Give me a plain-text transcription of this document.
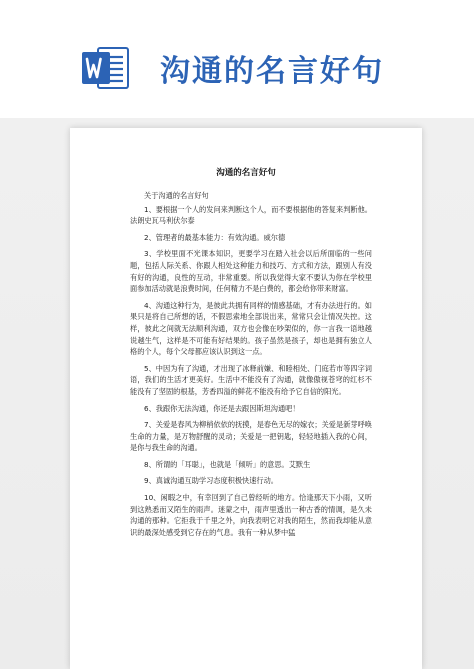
沟通的名言好句
沟通的名言好句

关于沟通的名言好句

1、要根据一个人的发问来判断这个人，而不要根据他的答复来判断他。法朗史瓦马利伏尔泰

2、管理者的最基本能力：有效沟通。威尔德

3、学校里面不光课本知识，更要学习在踏入社会以后所面临的一些问题，包括人际关系、你跟人相处这种能力和技巧、方式和方法，跟别人有没有好的沟通，良性的互动，非常重要。所以我觉得大家不要认为你在学校里面参加活动就是浪费时间，任何精力不是白费的，都会给你带来财富。

4、沟通这种行为，是彼此共拥有同样的情感基础，才有办法进行的。如果只是将自己所想的话，不假思索地全部说出来，常常只会让情况失控。这样，彼此之间就无法顺利沟通，双方也会像在吵架似的，你一言我一语地越说越生气，这样是不可能有好结果的。孩子虽然是孩子，却也是拥有独立人格的个人，每个父母都应该认识到这一点。

5、中因为有了沟通，才出现了冰释前嫌、和睦相处、门庭若市等四字词语，我们的生活才更美好。生活中不能没有了沟通，就像傲视苍穹的红杉不能没有了坚固的根基，芳香四溢的鲜花不能没有给予它自信的阳光。

6、我跟你无法沟通，你还是去跟因斯坦沟通吧！

7、关爱是春风为柳梢依依的抚摸，是春色无尽的嫁衣；关爱是新芽呼唤生命的力量，是万物舒醒的灵动；关爱是一把钥匙，轻轻地插入我的心间，是你与我生命的沟通。

8、所谓的「耳聪」，也就是「倾听」的意思。艾默生

9、真诚沟通互助学习态度积极快速行动。

10、闲暇之中，有幸回到了自己曾经听的地方。恰逢那天下小雨，又听到这熟悉而又陌生的雨声。迷蒙之中，雨声里透出一种古香的情调，是久未沟通的那种。它拒我于千里之外，向我表明它对我的陌生，然而我却能从意识的最深处感受到它存在的气息。我有一种从梦中猛
